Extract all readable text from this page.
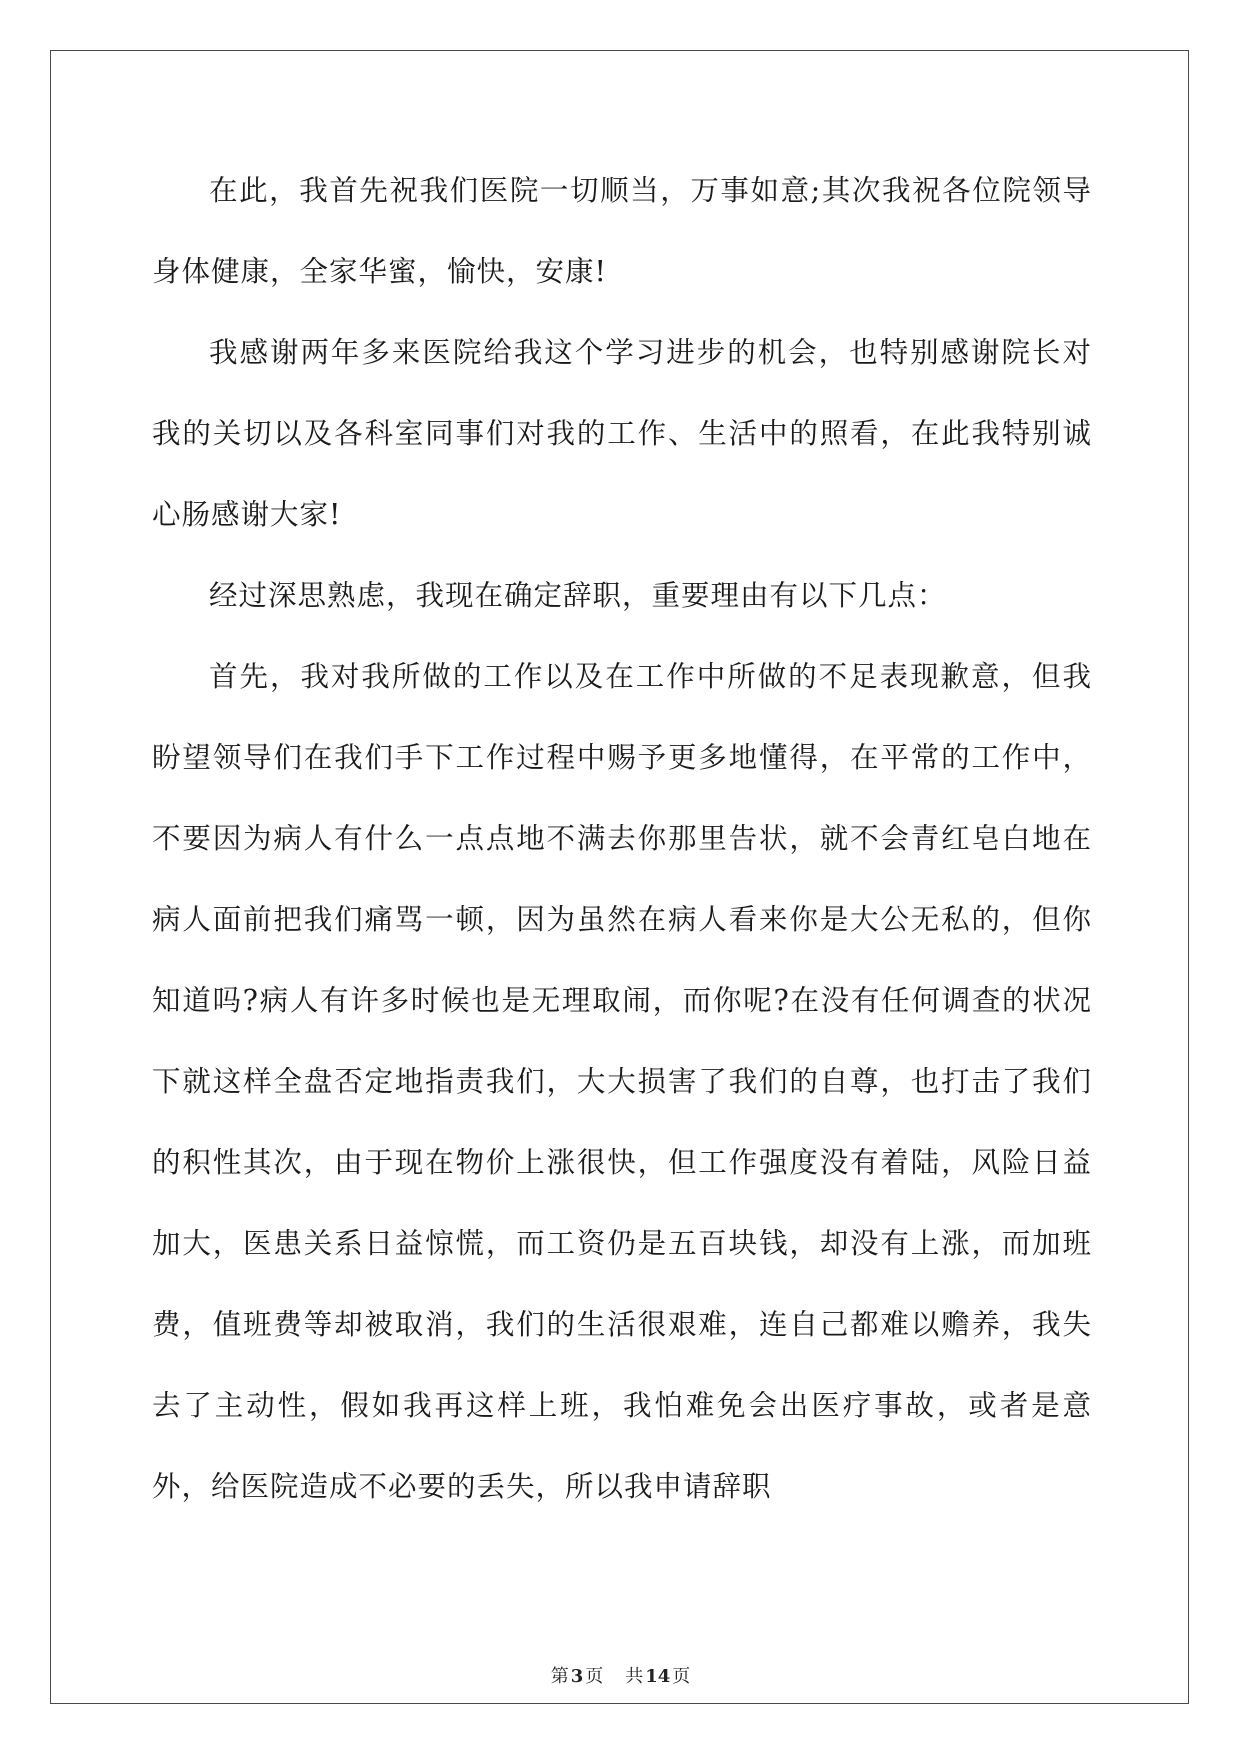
在此，我首先祝我们医院一切顺当，万事如意;其次我祝各位院领导身体健康，全家华蜜，愉快，安康!

我感谢两年多来医院给我这个学习进步的机会，也特别感谢院长对我的关切以及各科室同事们对我的工作、生活中的照看，在此我特别诚心肠感谢大家!

经过深思熟虑，我现在确定辞职，重要理由有以下几点：

首先，我对我所做的工作以及在工作中所做的不足表现歉意，但我盼望领导们在我们手下工作过程中赐予更多地懂得，在平常的工作中，不要因为病人有什么一点点地不满去你那里告状，就不会青红皂白地在病人面前把我们痛骂一顿，因为虽然在病人看来你是大公无私的，但你知道吗?病人有许多时候也是无理取闹，而你呢?在没有任何调查的状况下就这样全盘否定地指责我们，大大损害了我们的自尊，也打击了我们的积性其次，由于现在物价上涨很快，但工作强度没有着陆，风险日益加大，医患关系日益惊慌，而工资仍是五百块钱，却没有上涨，而加班费，值班费等却被取消，我们的生活很艰难，连自己都难以赡养，我失去了主动性，假如我再这样上班，我怕难免会出医疗事故，或者是意外，给医院造成不必要的丢失，所以我申请辞职

第 3 页 共 14 页
